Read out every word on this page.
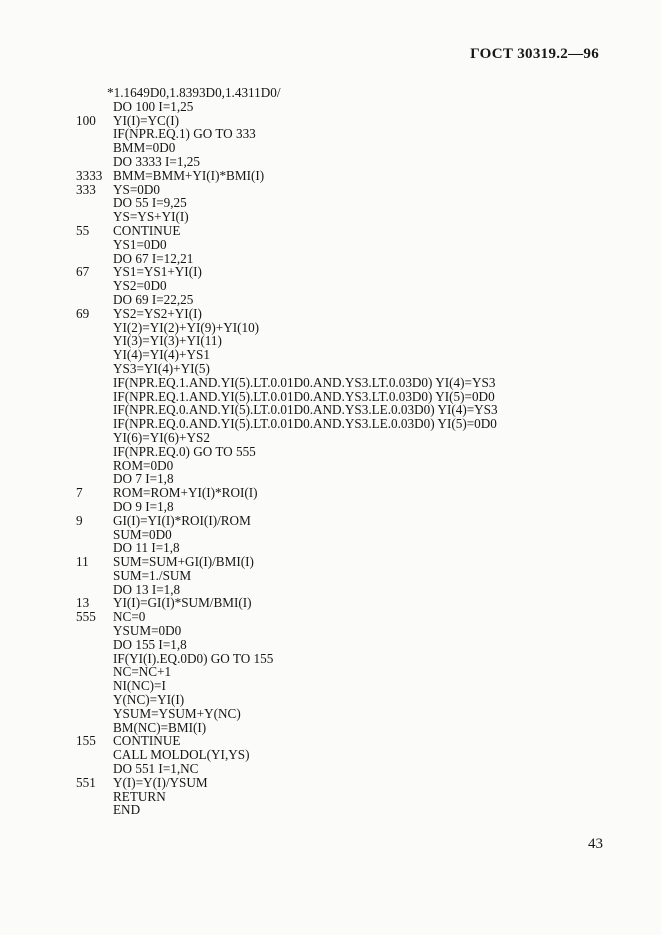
ГОСТ 30319.2—96
*1.1649D0,1.8393D0,1.4311D0/
DO 100 I=1,25
100	YI(I)=YC(I)
IF(NPR.EQ.1) GO TO 333
BMM=0D0
DO 3333 I=1,25
3333 BMM=BMM+YI(I)*BMI(I)
333	YS=0D0
DO 55 I=9,25
YS=YS+YI(I)
55	CONTINUE
YS1=0D0
DO 67 I=12,21
67	YS1=YS1+YI(I)
YS2=0D0
DO 69 I=22,25
69	YS2=YS2+YI(I)
YI(2)=YI(2)+YI(9)+YI(10)
YI(3)=YI(3)+YI(11)
YI(4)=YI(4)+YS1
YS3=YI(4)+YI(5)
IF(NPR.EQ.1.AND.YI(5).LT.0.01D0.AND.YS3.LT.0.03D0) YI(4)=YS3
IF(NPR.EQ.1.AND.YI(5).LT.0.01D0.AND.YS3.LT.0.03D0) YI(5)=0D0
IF(NPR.EQ.0.AND.YI(5).LT.0.01D0.AND.YS3.LE.0.03D0) YI(4)=YS3
IF(NPR.EQ.0.AND.YI(5).LT.0.01D0.AND.YS3.LE.0.03D0) YI(5)=0D0
YI(6)=YI(6)+YS2
IF(NPR.EQ.0) GO TO 555
ROM=0D0
DO 7 I=1,8
7	ROM=ROM+YI(I)*ROI(I)
DO 9 I=1,8
9	GI(I)=YI(I)*ROI(I)/ROM
SUM=0D0
DO 11 I=1,8
11	SUM=SUM+GI(I)/BMI(I)
SUM=1./SUM
DO 13 I=1,8
13	YI(I)=GI(I)*SUM/BMI(I)
555	NC=0
YSUM=0D0
DO 155 I=1,8
IF(YI(I).EQ.0D0) GO TO 155
NC=NC+1
NI(NC)=I
Y(NC)=YI(I)
YSUM=YSUM+Y(NC)
BM(NC)=BMI(I)
155	CONTINUE
CALL MOLDOL(YI,YS)
DO 551 I=1,NC
551	Y(I)=Y(I)/YSUM
RETURN
END
43
